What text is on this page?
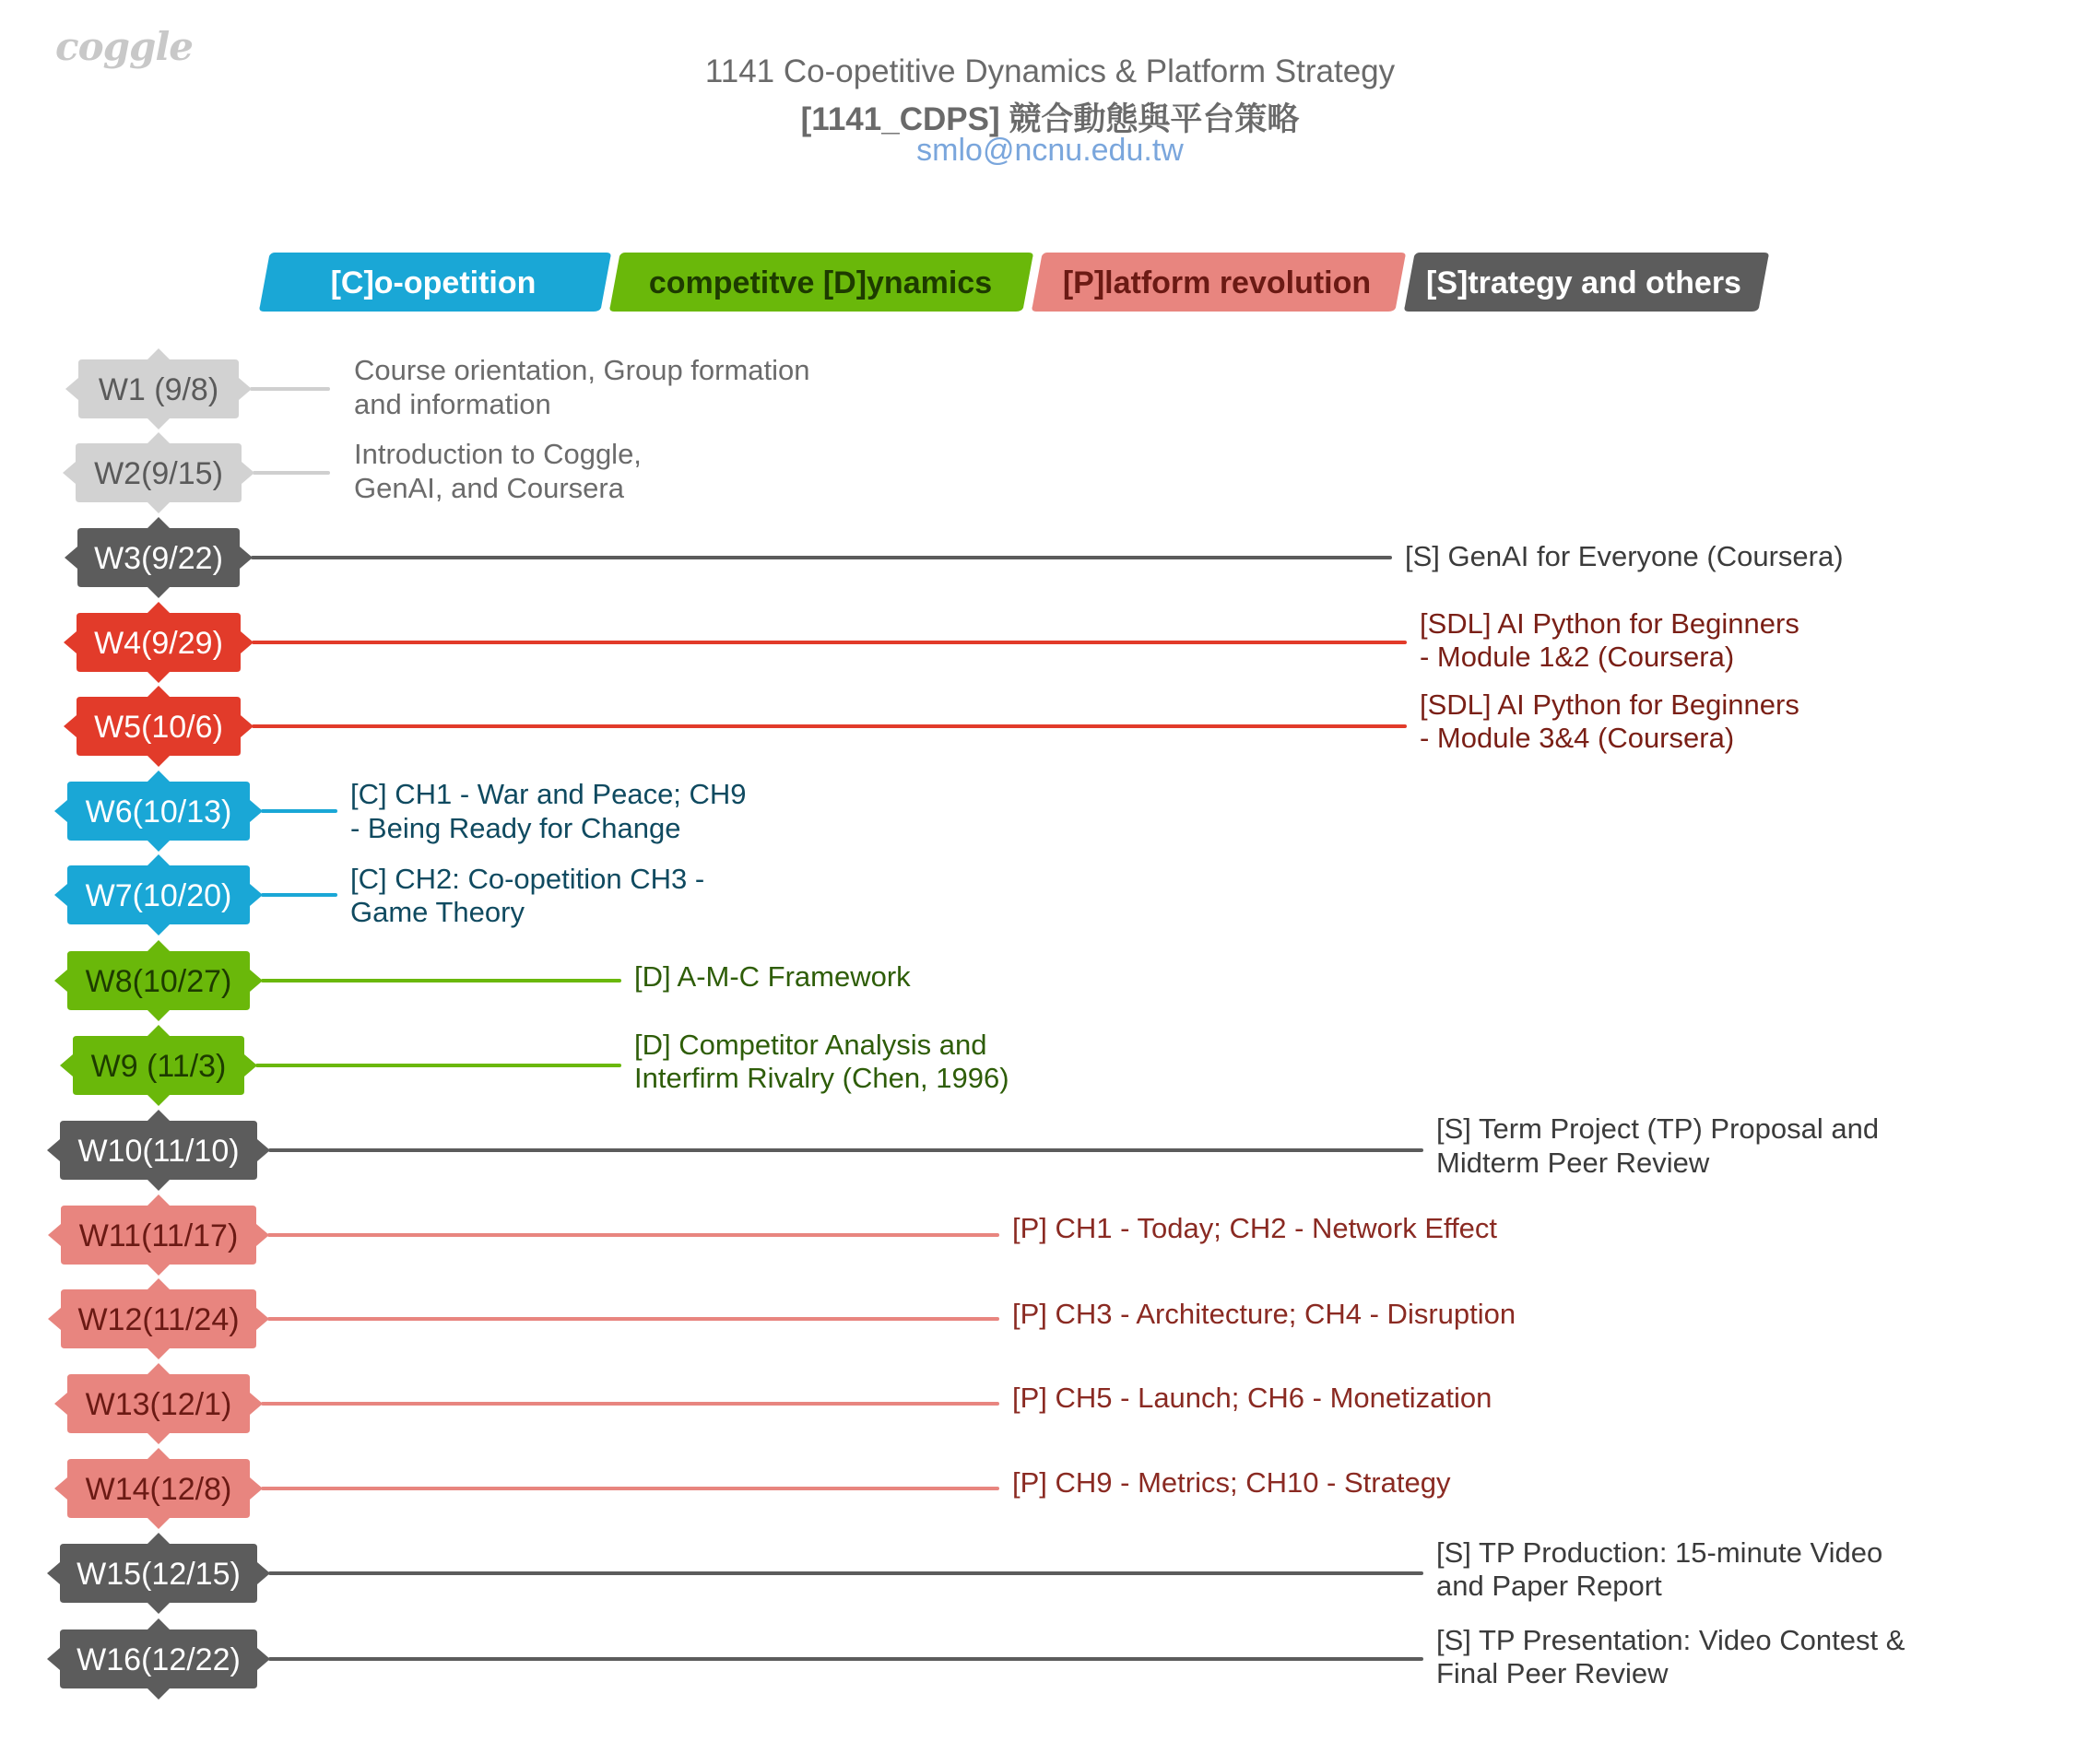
coggle
1141 Co-opetitive Dynamics & Platform Strategy
[1141_CDPS] 競合動態與平台策略
smlo@ncnu.edu.tw
[C]o-opetition	competitve [D]ynamics [P]latform revolution [S]trategy and others
W1 (9/8)
Course orientation, Group formation
and information
W2(9/15)
Introduction to Coggle,
GenAI, and Coursera
W3(9/22)	[S] GenAI for Everyone (Coursera)
W4(9/29)
[SDL] AI Python for Beginners
- Module 1&2 (Coursera)
W5(10/6)
[SDL] AI Python for Beginners
- Module 3&4 (Coursera)
W6(10/13)
[C] CH1 - War and Peace; CH9
- Being Ready for Change
W7(10/20)	[C] CH2: Co-opetition CH3 -
Game Theory
W8(10/27)	[D] A-M-C Framework
W9 (11/3)
[D] Competitor Analysis and
Interfirm Rivalry (Chen, 1996)
W10(11/10)
[S] Term Project (TP) Proposal and
Midterm Peer Review
W11(11/17)	[P] CH1 - Today; CH2 - Network Effect
W12(11/24)	[P] CH3 - Architecture; CH4 - Disruption
W13(12/1)	[P] CH5 - Launch; CH6 - Monetization
W14(12/8)	[P] CH9 - Metrics; CH10 - Strategy
W15(12/15)
[S] TP Production: 15-minute Video
and Paper Report
W16(12/22)
[S] TP Presentation: Video Contest &
Final Peer Review
